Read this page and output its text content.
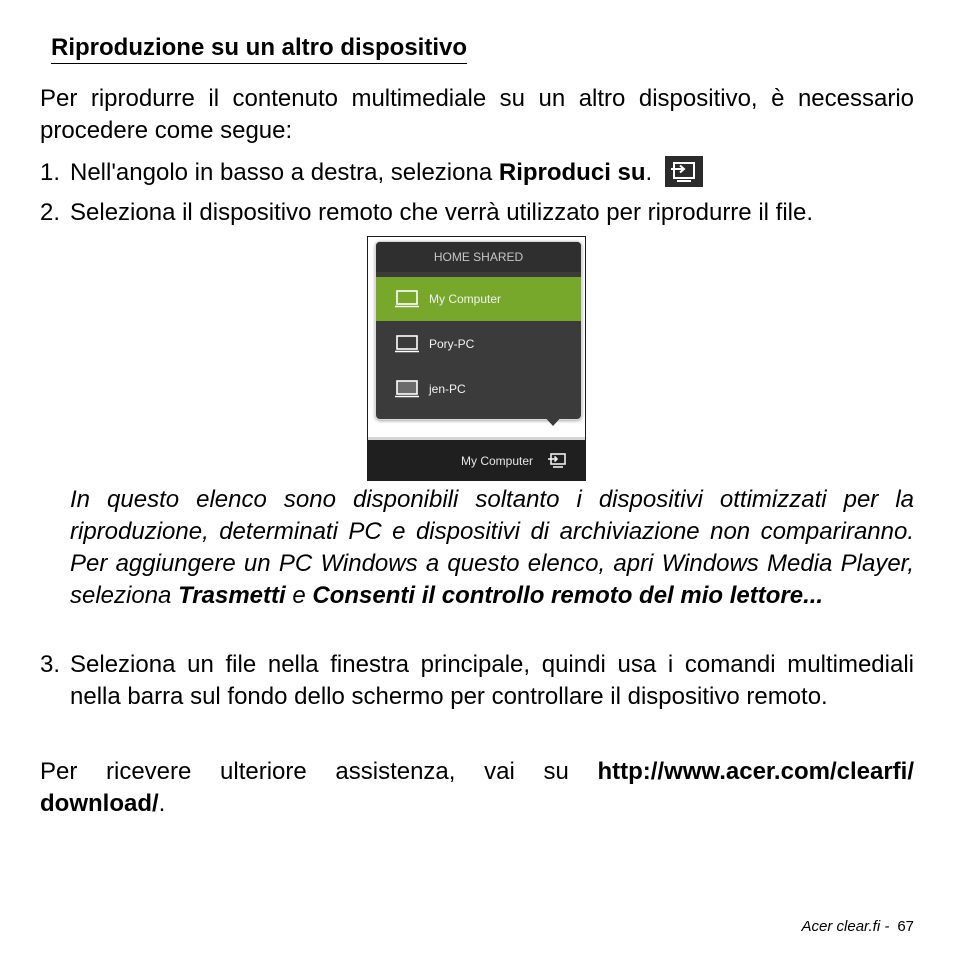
Riproduzione su un altro dispositivo
Per riprodurre il contenuto multimediale su un altro dispositivo, è necessario procedere come segue:
1. Nell'angolo in basso a destra, seleziona Riproduci su.
2. Seleziona il dispositivo remoto che verrà utilizzato per riprodurre il file.
HOME SHARED
My Computer
Pory-PC
jen-PC
My Computer
In questo elenco sono disponibili soltanto i dispositivi ottimizzati per la riproduzione, determinati PC e dispositivi di archiviazione non compariranno. Per aggiungere un PC Windows a questo elenco, apri Windows Media Player, seleziona Trasmetti e Consenti il controllo remoto del mio lettore...
3. Seleziona un file nella finestra principale, quindi usa i comandi multimediali nella barra sul fondo dello schermo per controllare il dispositivo remoto.
Per ricevere ulteriore assistenza, vai su http://www.acer.com/clearfi/ download/.
Acer clear.fi - 67
